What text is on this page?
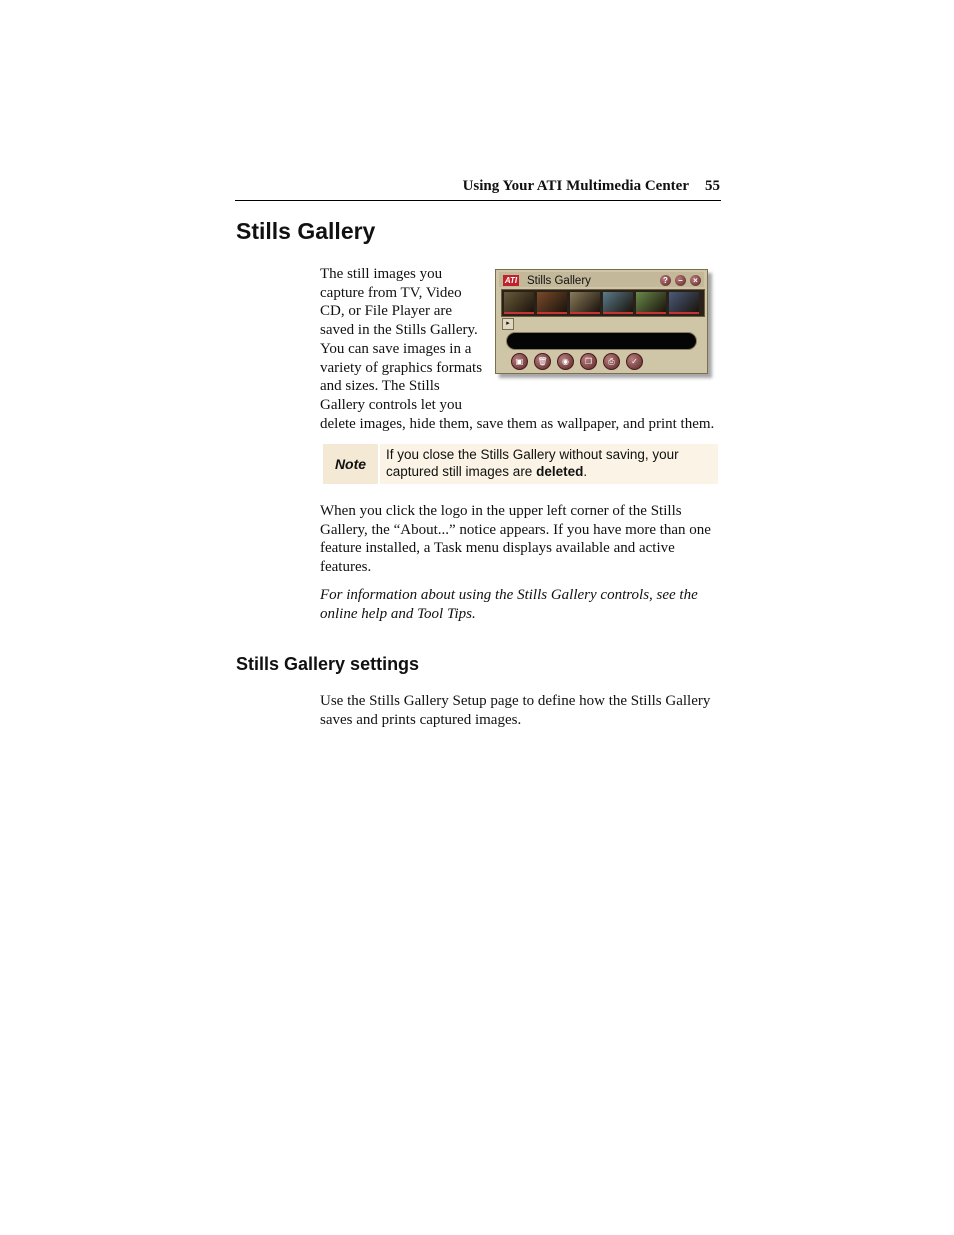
Using Your ATI Multimedia Center 55
Stills Gallery

The still images you capture from TV, Video CD, or File Player are saved in the Stills Gallery. You can save images in a variety of graphics formats and sizes. The Stills Gallery controls let you delete images, hide them, save them as wallpaper, and print them.

ATI Stills Gallery	?	–	×
▸
▣	🗑	◉	❐	⎙	✓
Note
If you close the Stills Gallery without saving, your captured still images are deleted.

When you click the logo in the upper left corner of the Stills Gallery, the “About...” notice appears. If you have more than one feature installed, a Task menu displays available and active features.

For information about using the Stills Gallery controls, see the online help and Tool Tips.

Stills Gallery settings

Use the Stills Gallery Setup page to define how the Stills Gallery saves and prints captured images.
